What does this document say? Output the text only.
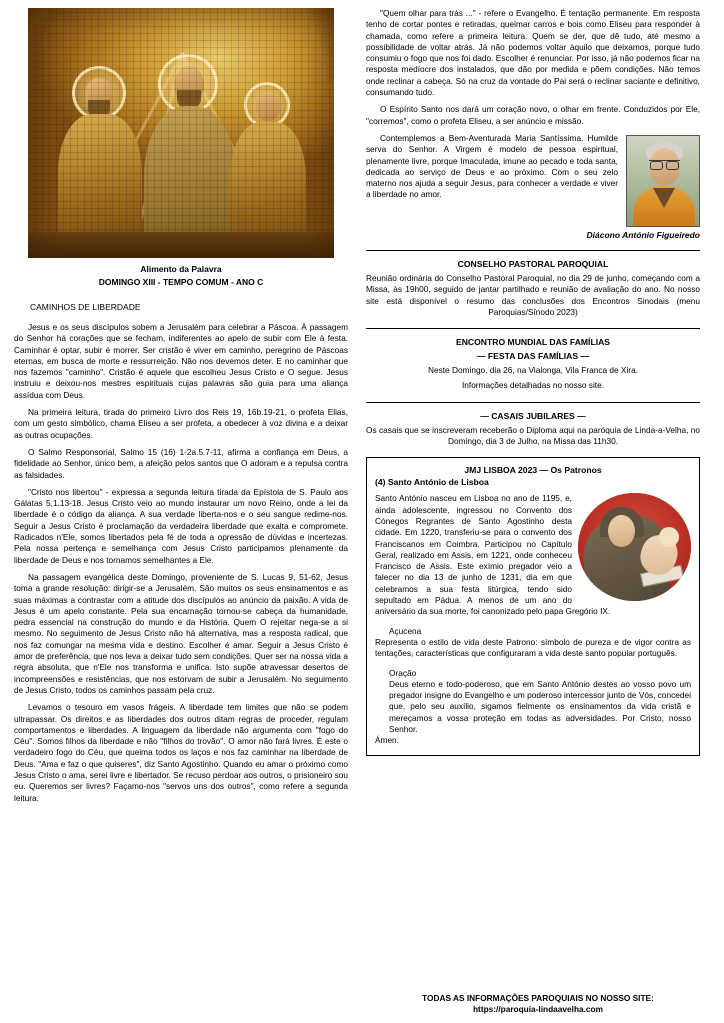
Alimento da Palavra
DOMINGO XIII - TEMPO COMUM - ANO C
CAMINHOS DE LIBERDADE

Jesus e os seus discípulos sobem a Jerusalém para celebrar a Páscoa. À passagem do Senhor há corações que se fecham, indiferentes ao apelo de subir com Ele à festa. Caminhar é optar, subir é morrer. Ser cristão é viver em caminho, peregrino de Páscoas eternas, em busca de morte e ressurreição. Não nos devemos deter. E no caminhar que nos fazemos "caminho". Cristão é aquele que escolheu Jesus Cristo e O segue. Jesus instruiu e deixou-nos mestres espirituais cujas palavras são guia para uma aliança assídua com Deus.

Na primeira leitura, tirada do primeiro Livro dos Reis 19, 16b.19-21, o profeta Elias, com um gesto simbólico, chama Eliseu a ser profeta, a obedecer à voz divina e a deixar as outras ocupações.

O Salmo Responsorial, Salmo 15 (16) 1-2a.5.7-11, afirma a confiança em Deus, a fidelidade ao Senhor, único bem, a afeição pelos santos que O adoram e a repulsa contra as falsidades.

"Cristo nos libertou" - expressa a segunda leitura tirada da Epístola de S. Paulo aos Gálatas 5,1.13-18. Jesus Cristo veio ao mundo instaurar um novo Reino, onde a lei da liberdade é o código da aliança. A sua verdade liberta-nos e o seu sangue redime-nos. Seguir a Jesus Cristo é proclamação da verdadeira liberdade que exalta e compromete. Radicados n'Ele, somos libertados pela fé de toda a opressão de dúvidas e incertezas. Pela nossa pertença e semelhança com Jesus Cristo participamos plenamente da liberdade de Deus e nos tornamos semelhantes a Ele.

Na passagem evangélica deste Domingo, proveniente de S. Lucas 9, 51-62, Jesus toma a grande resolução: dirigir-se a Jerusalém. São muitos os seus ensinamentos e as suas máximas a contrastar com a atitude dos discípulos ao anúncio da paixão. A vida de Jesus é um apelo constante. Pela sua encarnação tornou-se cabeça da humanidade, pedra essencial na construção do mundo e da História. Quem O rejeitar nega-se a si mesmo. No seguimento de Jesus Cristo não há alternativa, mas a resposta radical, que nos faz comungar na mesma vida e destino. Escolher é amar. Seguir a Jesus Cristo é amor de preferência, que nos leva a deixar tudo sem condições. Quer ser na nossa vida a regra absoluta, que n'Ele nos transforma e unifica. Isto supõe atravessar desertos de incompreensões e resistências, que nos estorvam de subir a Jerusalém. No seguimento de Jesus Cristo, todos os caminhos passam pela cruz.

Levamos o tesouro em vasos frágeis. A liberdade tem limites que não se podem ultrapassar. Os direitos e as liberdades dos outros ditam regras de proceder, regulam comportamentos e liberdades. A linguagem da liberdade não argumenta com "fogo do Céu". Somos filhos da liberdade e não "filhos do trovão". O amor não fará livres. É este o verdadeiro fogo do Céu, que queima todos os laços e nos faz caminhar na liberdade de Deus. "Ama e faz o que quiseres", diz Santo Agostinho. Quando eu amar o próximo como Jesus Cristo o ama, serei livre e libertador. Se recuso perdoar aos outros, o prisioneiro sou eu. Queremos ser livres? Façamo-nos "servos uns dos outros", como refere a segunda leitura.

"Quem olhar para trás ..." - refere o Evangelho. É tentação permanente. Em resposta tenho de cortar pontes e retiradas, queimar carros e bois como Eliseu para responder à chamada, como refere a primeira leitura. Quem se der, que dê tudo, até mesmo a possibilidade de voltar atrás. Já não podemos voltar àquilo que deixamos, porque tudo consumiu o fogo que nos foi dado. Escolher é renunciar. Por isso, já não podemos ficar na resposta medíocre dos instalados, que dão por medida e põem condições. Não temos onde reclinar a cabeça. Só na cruz da vontade do Pai será o reclinar saciante e definitivo, consumando tudo.

O Espírito Santo nos dará um coração novo, o olhar em frente. Conduzidos por Ele, "corremos", como o profeta Eliseu, a ser anúncio e missão.

Contemplemos a Bem-Aventurada Maria Santíssima. Humilde serva do Senhor. A Virgem é modelo de pessoa espiritual, plenamente livre, porque Imaculada, imune ao pecado e toda santa, dedicada ao serviço de Deus e ao próximo. Com o seu zelo materno nos ajuda a seguir Jesus, para conhecer a verdade e viver a liberdade no amor.

Diácono António Figueiredo
CONSELHO PASTORAL PAROQUIAL
Reunião ordinária do Conselho Pastoral Paroquial, no dia 29 de junho, começando com a Missa, às 19h00, seguido de jantar partilhado e reunião de avaliação do ano. No nosso site está disponível o resumo das conclusões dos Encontros Sinodais (menu Paroquias/Sínodo 2023)
ENCONTRO MUNDIAL DAS FAMÍLIAS
— FESTA DAS FAMÍLIAS —
Neste Domingo, dia 26, na Vialonga, Vila Franca de Xira.
Informações detalhadas no nosso site.
— CASAIS JUBILARES —
Os casais que se inscreveram receberão o Diploma aqui na paróquia de Linda-a-Velha, no Domingo, dia 3 de Julho, na Missa das 11h30.
JMJ LISBOA 2023 — Os Patronos
(4) Santo António de Lisboa
Santo António nasceu em Lisboa no ano de 1195, e, ainda adolescente, ingressou no Convento dos Cónegos Regrantes de Santo Agostinho desta cidade. Em 1220, transferiu-se para o convento dos Franciscanos em Coimbra. Participou no Capítulo Geral, realizado em Assis, em 1221, onde conheceu Francisco de Assis. Este exímio pregador veio a falecer no dia 13 de junho de 1231, dia em que celebramos a sua festa litúrgica, tendo sido sepultado em Pádua. A menos de um ano do aniversário da sua morte, foi canonizado pelo papa Gregório IX.
Açucena
Representa o estilo de vida deste Patrono: símbolo de pureza e de vigor contra as tentações, características que configuraram a vida deste santo popular português.
Oração
Deus eterno e todo-poderoso, que em Santo António destes ao vosso povo um pregador insigne do Evangelho e um poderoso intercessor junto de Vós, concedei que, pelo seu auxílio, sigamos fielmente os ensinamentos da vida cristã e mereçamos a vossa proteção em todas as adversidades. Por Cristo, nosso Senhor.
Ámen.
TODAS AS INFORMAÇÕES PAROQUIAIS NO NOSSO SITE:
https://paroquia-lindaavelha.com
